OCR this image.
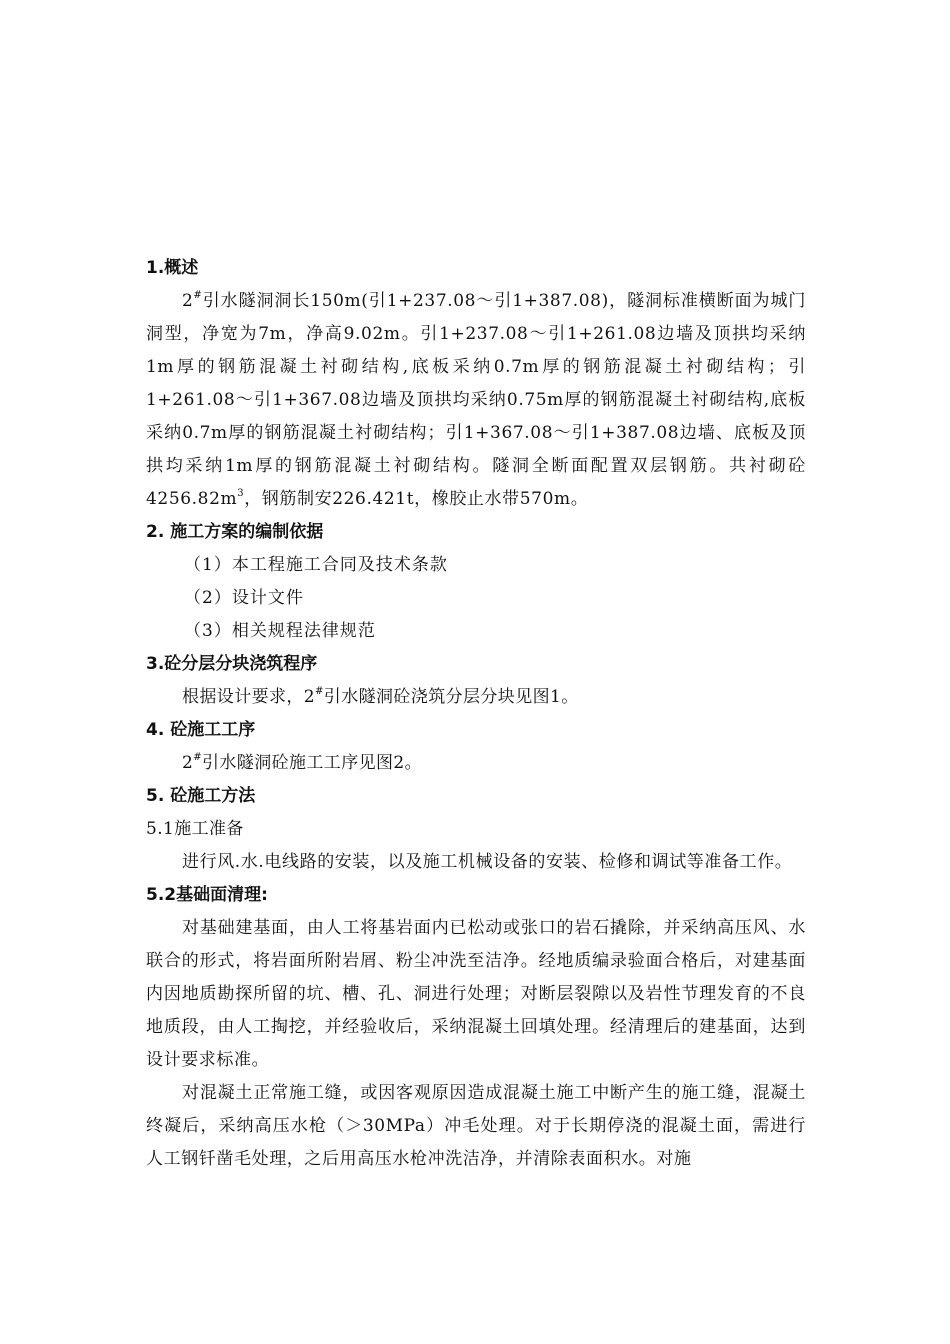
1.概述

2#引水隧洞洞长150m(引1+237.08～引1+387.08)，隧洞标准横断面为城门洞型，净宽为7m，净高9.02m。引1+237.08～引1+261.08边墙及顶拱均采纳1m厚的钢筋混凝土衬砌结构,底板采纳0.7m厚的钢筋混凝土衬砌结构；引1+261.08～引1+367.08边墙及顶拱均采纳0.75m厚的钢筋混凝土衬砌结构,底板采纳0.7m厚的钢筋混凝土衬砌结构；引1+367.08～引1+387.08边墙、底板及顶拱均采纳1m厚的钢筋混凝土衬砌结构。隧洞全断面配置双层钢筋。共衬砌砼$4256.82m^3$，钢筋制安226.421t，橡胶止水带570m。

2. 施工方案的编制依据
（1）本工程施工合同及技术条款
（2）设计文件
（3）相关规程法律规范
3.砼分层分块浇筑程序
根据设计要求，2#引水隧洞砼浇筑分层分块见图1。
4. 砼施工工序
2#引水隧洞砼施工工序见图2。
5. 砼施工方法
5.1施工准备

进行风.水.电线路的安装，以及施工机械设备的安装、检修和调试等准备工作。

5.2基础面清理:

对基础建基面，由人工将基岩面内已松动或张口的岩石撬除，并采纳高压风、水联合的形式，将岩面所附岩屑、粉尘冲洗至洁净。经地质编录验面合格后，对建基面内因地质勘探所留的坑、槽、孔、洞进行处理；对断层裂隙以及岩性节理发育的不良地质段，由人工掏挖，并经验收后，采纳混凝土回填处理。经清理后的建基面，达到设计要求标准。

对混凝土正常施工缝，或因客观原因造成混凝土施工中断产生的施工缝，混凝土终凝后，采纳高压水枪（＞30MPa）冲毛处理。对于长期停浇的混凝土面，需进行人工钢钎凿毛处理，之后用高压水枪冲洗洁净，并清除表面积水。对施
